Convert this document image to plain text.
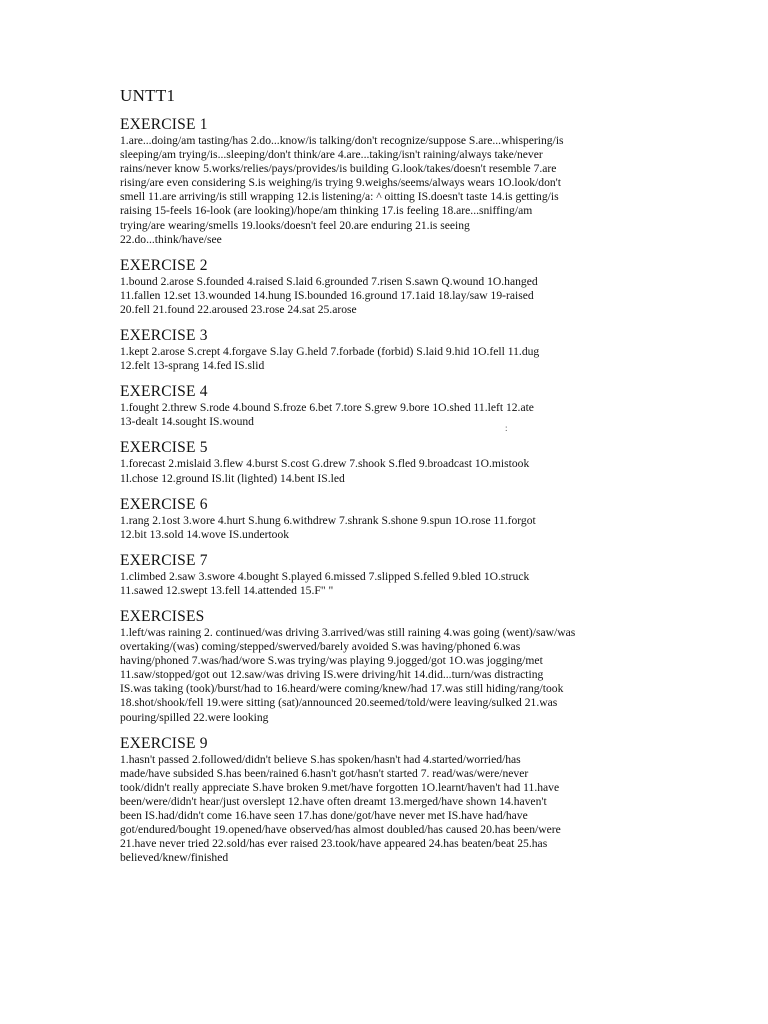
UNTT1
EXERCISE 1

1.are...doing/am tasting/has 2.do...know/is talking/don't recognize/suppose S.are...whispering/is
sleeping/am trying/is...sleeping/don't think/are 4.are...taking/isn't raining/always take/never
rains/never know 5.works/relies/pays/provides/is building G.look/takes/doesn't resemble 7.are
rising/are even considering S.is weighing/is trying 9.weighs/seems/always wears 1O.look/don't
smell 11.are arriving/is still wrapping 12.is listening/a: ^ oitting IS.doesn't taste 14.is getting/is
raising 15-feels 16-look (are looking)/hope/am thinking 17.is feeling 18.are...sniffing/am
trying/are wearing/smells 19.looks/doesn't feel 20.are enduring 21.is seeing
22.do...think/have/see

EXERCISE 2

1.bound 2.arose S.founded 4.raised S.laid 6.grounded 7.risen S.sawn Q.wound 1O.hanged
11.fallen 12.set 13.wounded 14.hung IS.bounded 16.ground 17.1aid 18.lay/saw 19-raised
20.fell 21.found 22.aroused 23.rose 24.sat 25.arose

EXERCISE 3

1.kept 2.arose S.crept 4.forgave S.lay G.held 7.forbade (forbid) S.laid 9.hid 1O.fell 11.dug
12.felt 13-sprang 14.fed IS.slid

EXERCISE 4

1.fought 2.threw S.rode 4.bound S.froze 6.bet 7.tore S.grew 9.bore 1O.shed 11.left 12.ate
13-dealt 14.sought IS.wound

EXERCISE 5

1.forecast 2.mislaid 3.flew 4.burst S.cost G.drew 7.shook S.fled 9.broadcast 1O.mistook
1l.chose 12.ground IS.lit (lighted) 14.bent IS.led

EXERCISE 6

1.rang 2.1ost 3.wore 4.hurt S.hung 6.withdrew 7.shrank S.shone 9.spun 1O.rose 11.forgot
12.bit 13.sold 14.wove IS.undertook

EXERCISE 7

1.climbed 2.saw 3.swore 4.bought S.played 6.missed 7.slipped S.felled 9.bled 1O.struck
11.sawed 12.swept 13.fell 14.attended 15.F" "

EXERCISES

1.left/was raining 2. continued/was driving 3.arrived/was still raining 4.was going (went)/saw/was
overtaking/(was) coming/stepped/swerved/barely avoided S.was having/phoned 6.was
having/phoned 7.was/had/wore S.was trying/was playing 9.jogged/got 1O.was jogging/met
11.saw/stopped/got out 12.saw/was driving IS.were driving/hit 14.did...turn/was distracting
IS.was taking (took)/burst/had to 16.heard/were coming/knew/had 17.was still hiding/rang/took
18.shot/shook/fell 19.were sitting (sat)/announced 20.seemed/told/were leaving/sulked 21.was
pouring/spilled 22.were looking

EXERCISE 9

1.hasn't passed 2.followed/didn't believe S.has spoken/hasn't had 4.started/worried/has
made/have subsided S.has been/rained 6.hasn't got/hasn't started 7. read/was/were/never
took/didn't really appreciate S.have broken 9.met/have forgotten 1O.learnt/haven't had 11.have
been/were/didn't hear/just overslept 12.have often dreamt 13.merged/have shown 14.haven't
been IS.had/didn't come 16.have seen 17.has done/got/have never met IS.have had/have
got/endured/bought 19.opened/have observed/has almost doubled/has caused 20.has been/were
21.have never tried 22.sold/has ever raised 23.took/have appeared 24.has beaten/beat 25.has
believed/knew/finished

:
